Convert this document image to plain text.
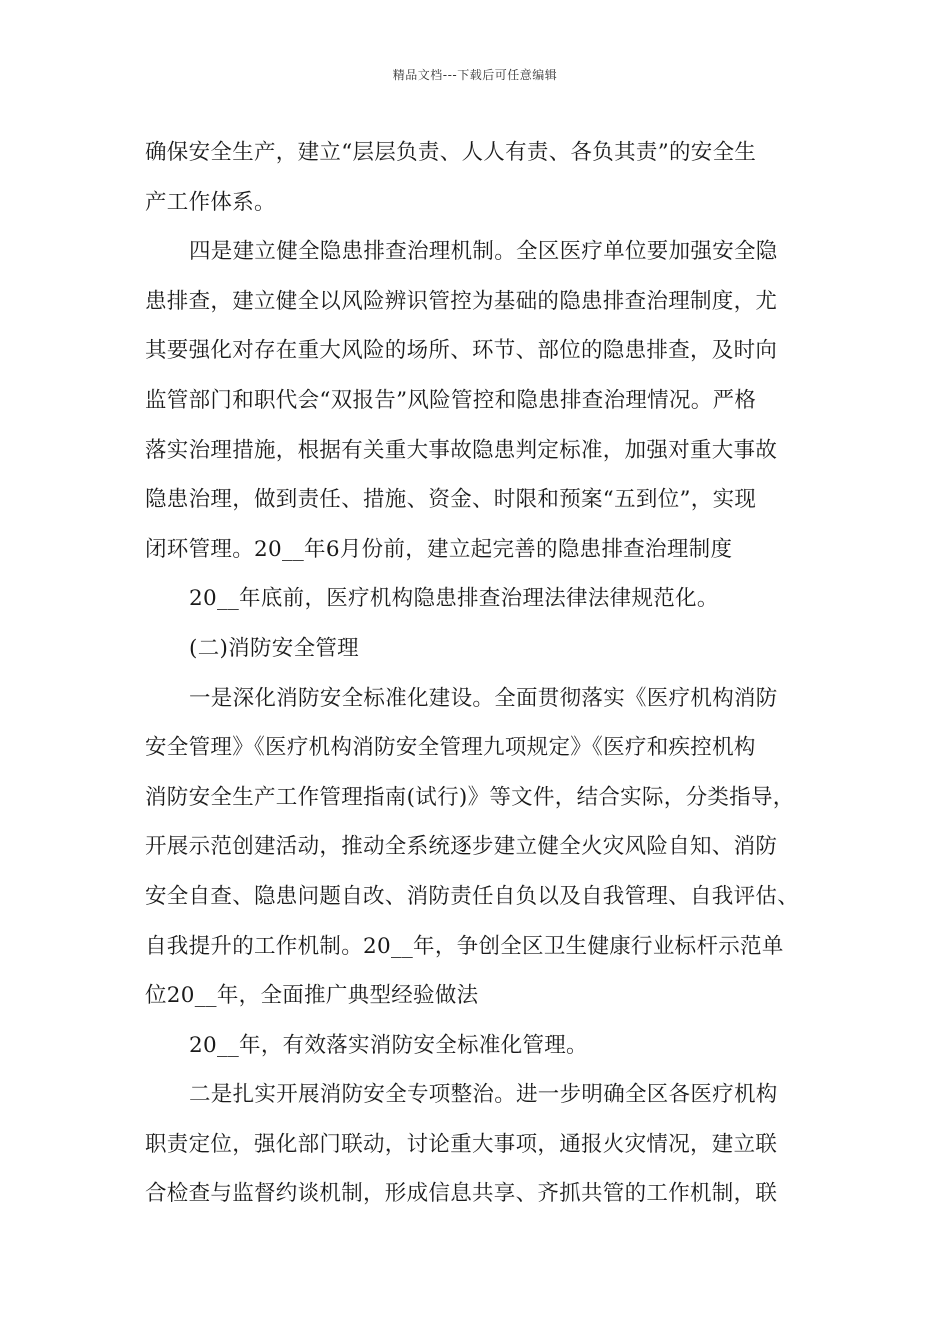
精品文档---下载后可任意编辑
确保安全生产，建立“层层负责、人人有责、各负其责”的安全生
产工作体系。
四是建立健全隐患排查治理机制。全区医疗单位要加强安全隐
患排查，建立健全以风险辨识管控为基础的隐患排查治理制度，尤
其要强化对存在重大风险的场所、环节、部位的隐患排查，及时向
监管部门和职代会“双报告”风险管控和隐患排查治理情况。严格
落实治理措施，根据有关重大事故隐患判定标准，加强对重大事故
隐患治理，做到责任、措施、资金、时限和预案“五到位”，实现
闭环管理。20__年6月份前，建立起完善的隐患排查治理制度
20__年底前，医疗机构隐患排查治理法律法律规范化。
(二)消防安全管理
一是深化消防安全标准化建设。全面贯彻落实《医疗机构消防
安全管理》《医疗机构消防安全管理九项规定》《医疗和疾控机构
消防安全生产工作管理指南(试行)》等文件，结合实际，分类指导，
开展示范创建活动，推动全系统逐步建立健全火灾风险自知、消防
安全自查、隐患问题自改、消防责任自负以及自我管理、自我评估、
自我提升的工作机制。20__年，争创全区卫生健康行业标杆示范单
位20__年，全面推广典型经验做法
20__年，有效落实消防安全标准化管理。
二是扎实开展消防安全专项整治。进一步明确全区各医疗机构
职责定位，强化部门联动，讨论重大事项，通报火灾情况，建立联
合检查与监督约谈机制，形成信息共享、齐抓共管的工作机制，联
